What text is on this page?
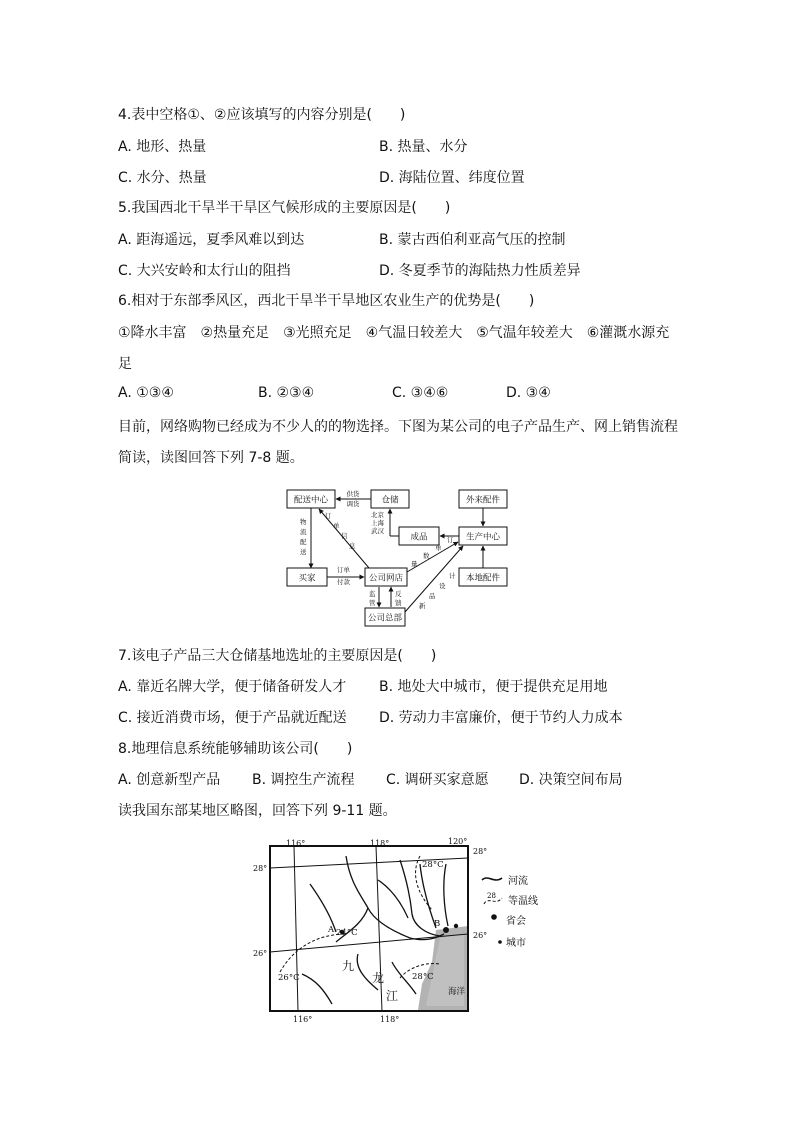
4.表中空格①、②应该填写的内容分别是(　　)
A. 地形、热量	B. 热量、水分
C. 水分、热量	D. 海陆位置、纬度位置
5.我国西北干旱半干旱区气候形成的主要原因是(　　)
A. 距海遥远，夏季风难以到达	B. 蒙古西伯利亚高气压的控制
C. 大兴安岭和太行山的阻挡	D. 冬夏季节的海陆热力性质差异
6.相对于东部季风区，西北干旱半干旱地区农业生产的优势是(　　)
①降水丰富　②热量充足　③光照充足　④气温日较差大　⑤气温年较差大　⑥灌溉水源充
足
A. ①③④	B. ②③④	C. ③④⑥	D. ③④
目前，网络购物已经成为不少人的的物选择。下图为某公司的电子产品生产、网上销售流程
简读，读图回答下列 7-8 题。
配送中心	仓储	外来配件
成品	生产中心
买家	公司网店	本地配件
公司总部
供货
调货
北京
上海
武汉
物
流
配
送
订
单
信
息
订单
付款
监
管
反
馈
量
数
单
订
计
设
品
新
7.该电子产品三大仓储基地选址的主要原因是(　　)
A. 靠近名牌大学，便于储备研发人才 B. 地处大中城市，便于提供充足用地
C. 接近消费市场，便于产品就近配送 D. 劳动力丰富廉价，便于节约人力成本
8.地理信息系统能够辅助该公司(　　)
A. 创意新型产品 B. 调控生产流程 C. 调研买家意愿 D. 决策空间布局
读我国东部某地区略图，回答下列 9-11 题。
116°	118°	120°
116°	118°
28°
26°
28°
26°
A
B
28°C
24°C
26°C	28°C
海洋
九
龙
江
河流
28 等温线
省会
城市
